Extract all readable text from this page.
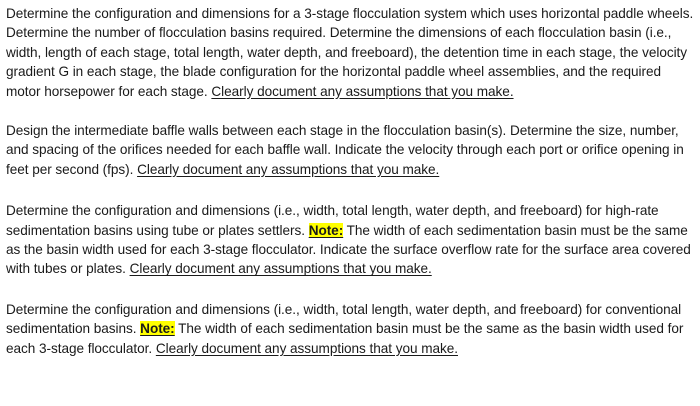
Determine the configuration and dimensions for a 3-stage flocculation system which uses horizontal paddle wheels. Determine the number of flocculation basins required. Determine the dimensions of each flocculation basin (i.e., width, length of each stage, total length, water depth, and freeboard), the detention time in each stage, the velocity gradient G in each stage, the blade configuration for the horizontal paddle wheel assemblies, and the required motor horsepower for each stage. Clearly document any assumptions that you make.

Design the intermediate baffle walls between each stage in the flocculation basin(s). Determine the size, number, and spacing of the orifices needed for each baffle wall. Indicate the velocity through each port or orifice opening in feet per second (fps). Clearly document any assumptions that you make.

Determine the configuration and dimensions (i.e., width, total length, water depth, and freeboard) for high-rate sedimentation basins using tube or plates settlers. Note: The width of each sedimentation basin must be the same as the basin width used for each 3-stage flocculator. Indicate the surface overflow rate for the surface area covered with tubes or plates. Clearly document any assumptions that you make.

Determine the configuration and dimensions (i.e., width, total length, water depth, and freeboard) for conventional sedimentation basins. Note: The width of each sedimentation basin must be the same as the basin width used for each 3-stage flocculator. Clearly document any assumptions that you make.
